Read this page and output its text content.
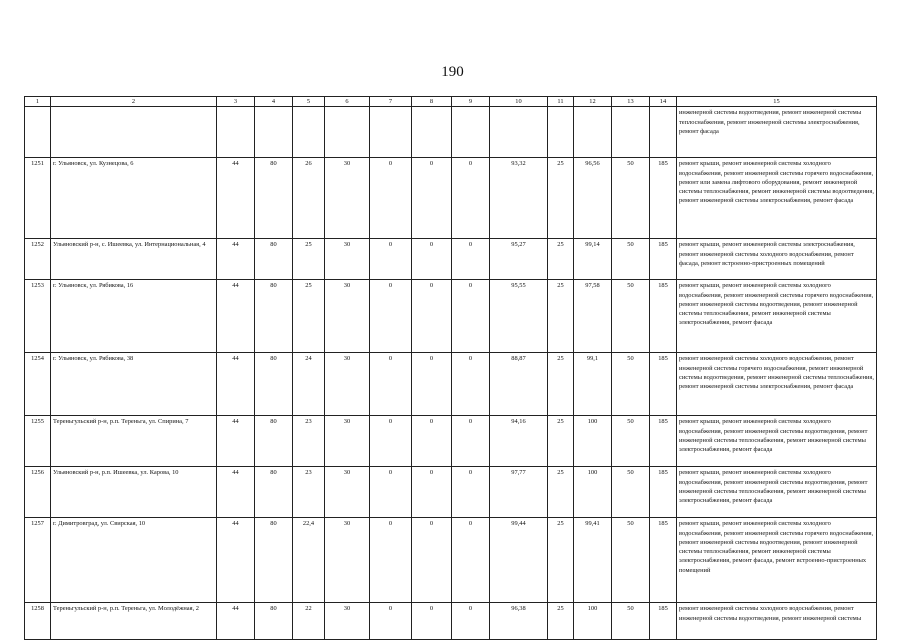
190
1	2	3	4	5	6	7	8	9	10	11	12	13	14	15
														инженерной системы водоотведения, ремонт инженерной системы теплоснабжения, ремонт инженерной системы электроснабжения, ремонт фасада
1251	г. Ульяновск, ул. Кузнецова, 6	44	80	26	30	0	0	0	93,32	25	96,56	50	185	ремонт крыши, ремонт инженерной системы холодного водоснабжения, ремонт инженерной системы горячего водоснабжения, ремонт или замена лифтового оборудования, ремонт инженерной системы теплоснабжения, ремонт инженерной системы водоотведения, ремонт инженерной системы электроснабжения, ремонт фасада
1252	Ульяновский р-н, с. Ишеевка, ул. Интернациональная, 4	44	80	25	30	0	0	0	95,27	25	99,14	50	185	ремонт крыши, ремонт инженерной системы электроснабжения, ремонт инженерной системы холодного водоснабжения, ремонт фасада, ремонт встроенно-пристроенных помещений
1253	г. Ульяновск, ул. Рябикова, 16	44	80	25	30	0	0	0	95,55	25	97,58	50	185	ремонт крыши, ремонт инженерной системы холодного водоснабжения, ремонт инженерной системы горячего водоснабжения, ремонт инженерной системы водоотведения, ремонт инженерной системы теплоснабжения, ремонт инженерной системы электроснабжения, ремонт фасада
1254	г. Ульяновск, ул. Рябикова, 38	44	80	24	30	0	0	0	88,87	25	99,1	50	185	ремонт инженерной системы холодного водоснабжения, ремонт инженерной системы горячего водоснабжения, ремонт инженерной системы водоотведения, ремонт инженерной системы теплоснабжения, ремонт инженерной системы электроснабжения, ремонт фасада
1255	Тереньгульский р-н, р.п. Тереньга, ул. Спирина, 7	44	80	23	30	0	0	0	94,16	25	100	50	185	ремонт крыши, ремонт инженерной системы холодного водоснабжения, ремонт инженерной системы водоотведения, ремонт инженерной системы теплоснабжения, ремонт инженерной системы электроснабжения, ремонт фасада
1256	Ульяновский р-н, р.п. Ишеевка, ул. Карова, 10	44	80	23	30	0	0	0	97,77	25	100	50	185	ремонт крыши, ремонт инженерной системы холодного водоснабжения, ремонт инженерной системы водоотведения, ремонт инженерной системы теплоснабжения, ремонт инженерной системы электроснабжения, ремонт фасада
1257	г. Димитровград, ул. Свирская, 10	44	80	22,4	30	0	0	0	99,44	25	99,41	50	185	ремонт крыши, ремонт инженерной системы холодного водоснабжения, ремонт инженерной системы горячего водоснабжения, ремонт инженерной системы водоотведения, ремонт инженерной системы теплоснабжения, ремонт инженерной системы электроснабжения, ремонт фасада, ремонт встроенно-пристроенных помещений
1258	Тереньгульский р-н, р.п. Тереньга, ул. Молодёжная, 2	44	80	22	30	0	0	0	96,38	25	100	50	185	ремонт инженерной системы холодного водоснабжения, ремонт инженерной системы водоотведения, ремонт инженерной системы
